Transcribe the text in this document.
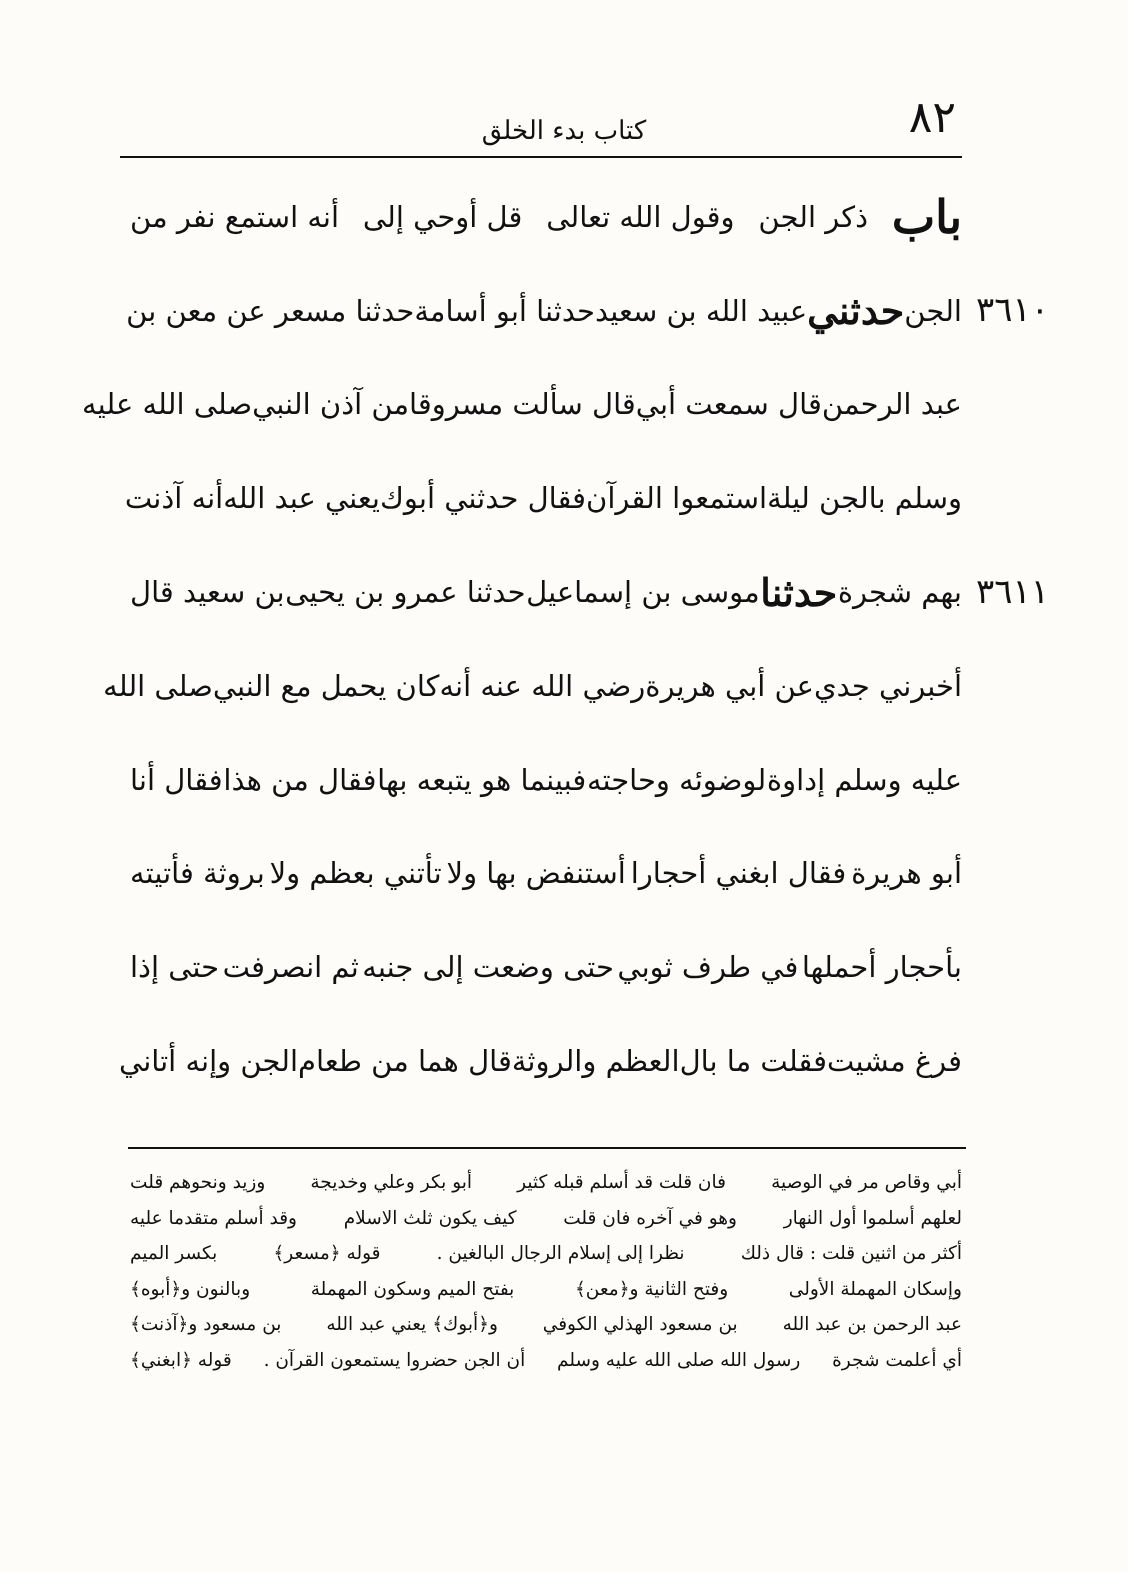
٨٢
كتاب بدء الخلق
٣٦١٠
٣٦١١
باب
ذكر الجن
وقول الله تعالى
قل أوحي إلى
أنه استمع نفر من
الجن
حدثني
عبيد الله بن سعيد
حدثنا أبو أسامة
حدثنا مسعر عن معن بن
عبد الرحمن
قال سمعت أبي
قال سألت مسروقا
من آذن النبي
صلى الله عليه
وسلم بالجن ليلة
استمعوا القرآن
فقال حدثني أبوك
يعني عبد الله
أنه آذنت
بهم شجرة
حدثنا
موسى بن إسماعيل
حدثنا عمرو بن يحيى
بن سعيد قال
أخبرني جدي
عن أبي هريرة
رضي الله عنه أنه
كان يحمل مع النبي
صلى الله
عليه وسلم إداوة
لوضوئه وحاجته
فبينما هو يتبعه بها
فقال من هذا
فقال أنا
أبو هريرة
فقال ابغني أحجارا
أستنفض بها ولا
تأتني بعظم ولا
بروثة فأتيته
بأحجار أحملها
في طرف ثوبي
حتى وضعت إلى جنبه
ثم انصرفت
حتى إذا
فرغ مشيت
فقلت ما بال
العظم والروثة
قال هما من طعام
الجن وإنه أتاني
أبي وقاص مر في الوصية
فان قلت قد أسلم قبله كثير
أبو بكر وعلي وخديجة
وزيد ونحوهم قلت
لعلهم أسلموا أول النهار
وهو في آخره فان قلت
كيف يكون ثلث الاسلام
وقد أسلم متقدما عليه
أكثر من اثنين قلت : قال ذلك
نظرا إلى إسلام الرجال البالغين .
قوله ﴿مسعر﴾
بكسر الميم
وإسكان المهملة الأولى
وفتح الثانية و﴿معن﴾
بفتح الميم وسكون المهملة
وبالنون و﴿أبوه﴾
عبد الرحمن بن عبد الله
بن مسعود الهذلي الكوفي
و﴿أبوك﴾ يعني عبد الله
بن مسعود و﴿آذنت﴾
أي أعلمت شجرة
رسول الله صلى الله عليه وسلم
أن الجن حضروا يستمعون القرآن .
قوله ﴿ابغني﴾
